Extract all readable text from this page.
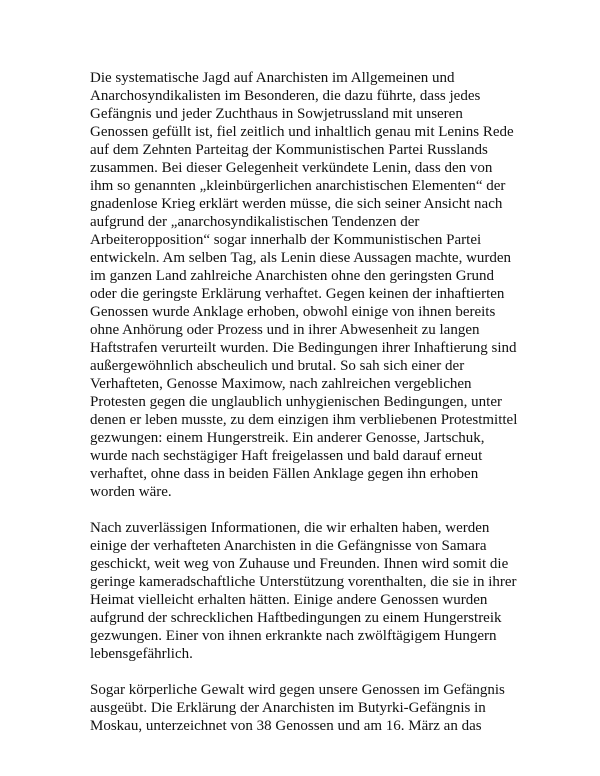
Die systematische Jagd auf Anarchisten im Allgemeinen und
Anarchosyndikalisten im Besonderen, die dazu führte, dass jedes
Gefängnis und jeder Zuchthaus in Sowjetrussland mit unseren
Genossen gefüllt ist, fiel zeitlich und inhaltlich genau mit Lenins Rede
auf dem Zehnten Parteitag der Kommunistischen Partei Russlands
zusammen. Bei dieser Gelegenheit verkündete Lenin, dass den von
ihm so genannten „kleinbürgerlichen anarchistischen Elementen“ der
gnadenlose Krieg erklärt werden müsse, die sich seiner Ansicht nach
aufgrund der „anarchosyndikalistischen Tendenzen der
Arbeiteropposition“ sogar innerhalb der Kommunistischen Partei
entwickeln. Am selben Tag, als Lenin diese Aussagen machte, wurden
im ganzen Land zahlreiche Anarchisten ohne den geringsten Grund
oder die geringste Erklärung verhaftet. Gegen keinen der inhaftierten
Genossen wurde Anklage erhoben, obwohl einige von ihnen bereits
ohne Anhörung oder Prozess und in ihrer Abwesenheit zu langen
Haftstrafen verurteilt wurden. Die Bedingungen ihrer Inhaftierung sind
außergewöhnlich abscheulich und brutal. So sah sich einer der
Verhafteten, Genosse Maximow, nach zahlreichen vergeblichen
Protesten gegen die unglaublich unhygienischen Bedingungen, unter
denen er leben musste, zu dem einzigen ihm verbliebenen Protestmittel
gezwungen: einem Hungerstreik. Ein anderer Genosse, Jartschuk,
wurde nach sechstägiger Haft freigelassen und bald darauf erneut
verhaftet, ohne dass in beiden Fällen Anklage gegen ihn erhoben
worden wäre.
Nach zuverlässigen Informationen, die wir erhalten haben, werden
einige der verhafteten Anarchisten in die Gefängnisse von Samara
geschickt, weit weg von Zuhause und Freunden. Ihnen wird somit die
geringe kameradschaftliche Unterstützung vorenthalten, die sie in ihrer
Heimat vielleicht erhalten hätten. Einige andere Genossen wurden
aufgrund der schrecklichen Haftbedingungen zu einem Hungerstreik
gezwungen. Einer von ihnen erkrankte nach zwölftägigem Hungern
lebensgefährlich.
Sogar körperliche Gewalt wird gegen unsere Genossen im Gefängnis
ausgeübt. Die Erklärung der Anarchisten im Butyrki-Gefängnis in
Moskau, unterzeichnet von 38 Genossen und am 16. März an das
